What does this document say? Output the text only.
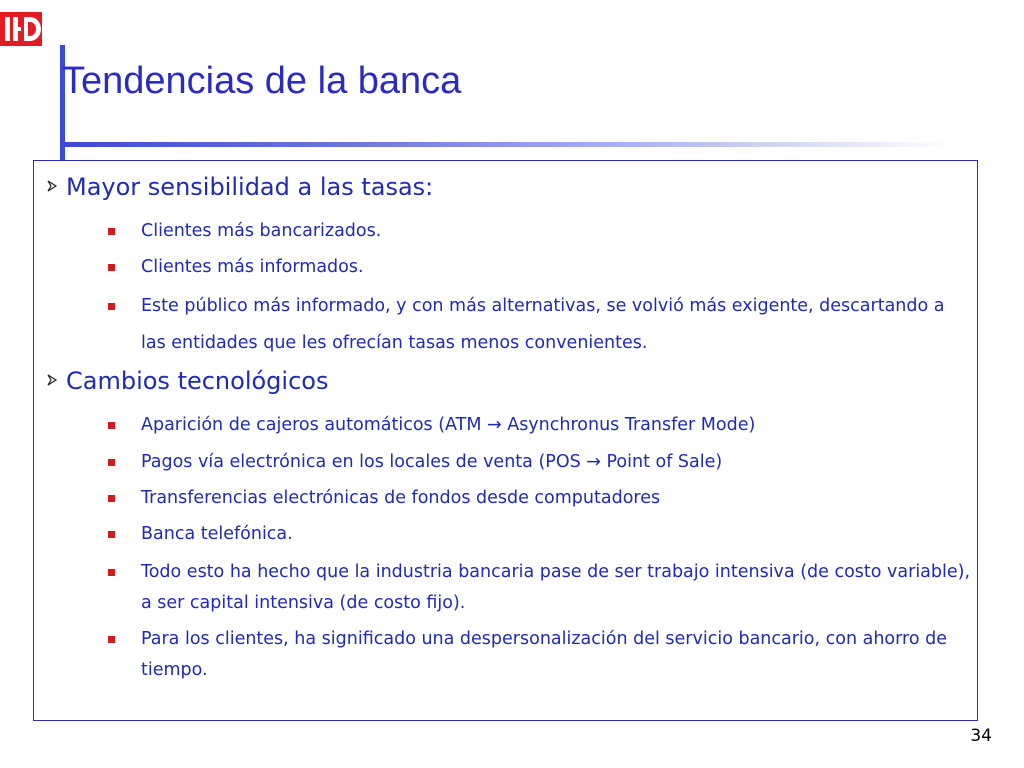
Tendencias de la banca
Mayor sensibilidad a las tasas:
Clientes más bancarizados.
Clientes más informados.
Este público más informado, y con más alternativas, se volvió más exigente, descartando a las entidades que les ofrecían tasas menos convenientes.
Cambios tecnológicos
Aparición de cajeros automáticos (ATM → Asynchronus Transfer Mode)
Pagos vía electrónica en los locales de venta (POS → Point of Sale)
Transferencias electrónicas de fondos desde computadores
Banca telefónica.
Todo esto ha hecho que la industria bancaria pase de ser trabajo intensiva (de costo variable), a ser capital intensiva (de costo fijo).
Para los clientes, ha significado una despersonalización del servicio bancario, con ahorro de tiempo.
34
